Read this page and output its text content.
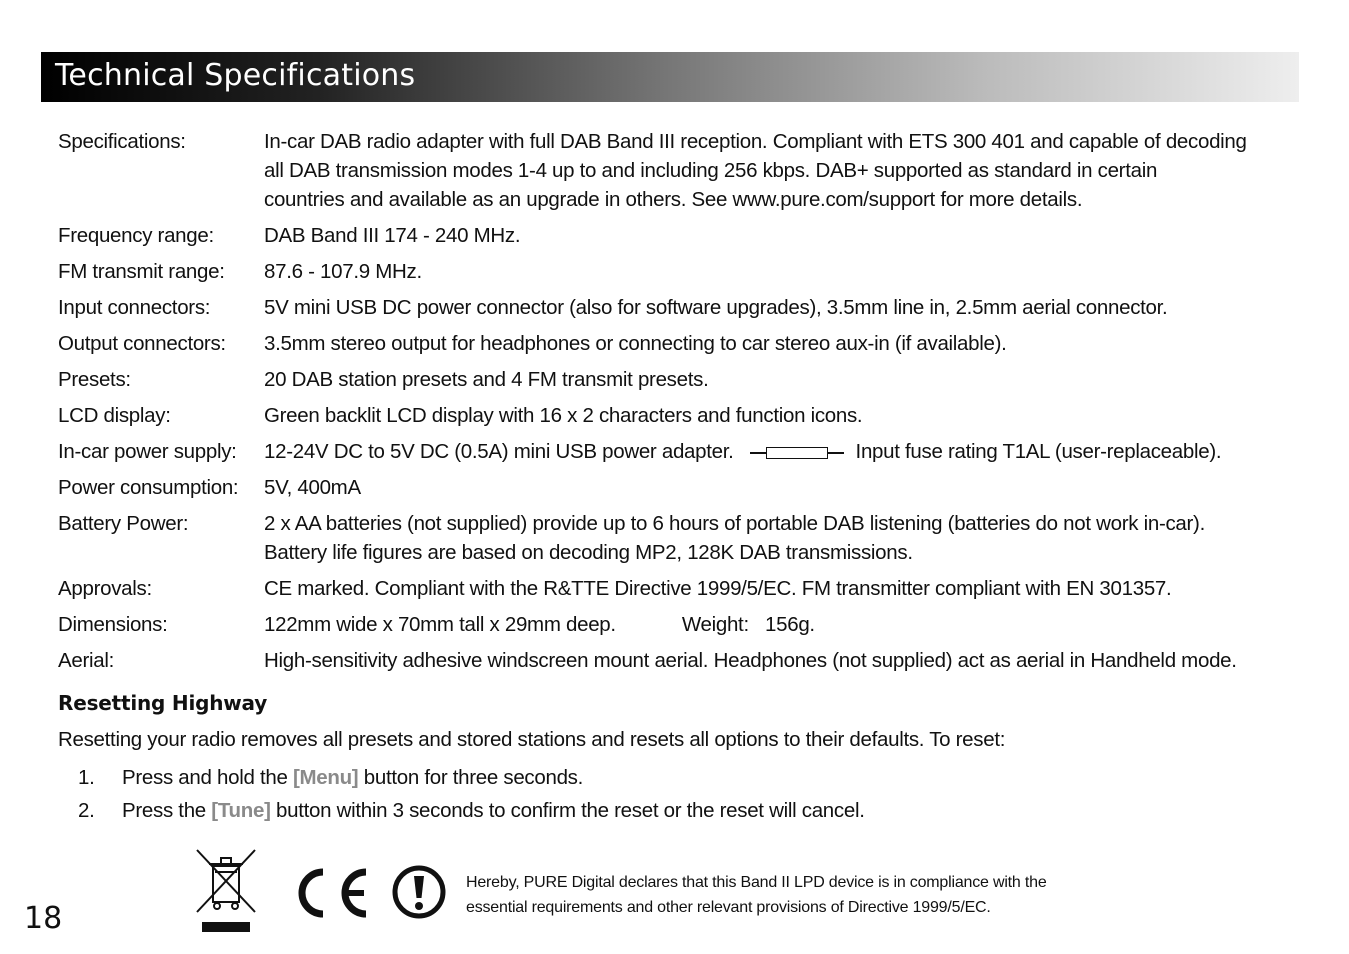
Technical Specifications
Specifications:	In-car DAB radio adapter with full DAB Band III reception. Compliant with ETS 300 401 and capable of decoding
all DAB transmission modes 1-4 up to and including 256 kbps. DAB+ supported as standard in certain
countries and available as an upgrade in others. See www.pure.com/support for more details.
Frequency range:	DAB Band III 174 - 240 MHz.
FM transmit range:	87.6 - 107.9 MHz.
Input connectors:	5V mini USB DC power connector (also for software upgrades), 3.5mm line in, 2.5mm aerial connector.
Output connectors:	3.5mm stereo output for headphones or connecting to car stereo aux-in (if available).
Presets:	20 DAB station presets and 4 FM transmit presets.
LCD display:	Green backlit LCD display with 16 x 2 characters and function icons.
In-car power supply:	12-24V DC to 5V DC (0.5A) mini USB power adapter.	Input fuse rating T1AL (user-replaceable).
Power consumption:	5V, 400mA
Battery Power:	2 x AA batteries (not supplied) provide up to 6 hours of portable DAB listening (batteries do not work in-car).
Battery life figures are based on decoding MP2, 128K DAB transmissions.
Approvals:	CE marked. Compliant with the R&TTE Directive 1999/5/EC. FM transmitter compliant with EN 301357.
Dimensions:	122mm wide x 70mm tall x 29mm deep.	Weight: 156g.
Aerial:	High-sensitivity adhesive windscreen mount aerial. Headphones (not supplied) act as aerial in Handheld mode.
Resetting Highway
Resetting your radio removes all presets and stored stations and resets all options to their defaults. To reset:
1.	Press and hold the [Menu] button for three seconds.
2.	Press the [Tune] button within 3 seconds to confirm the reset or the reset will cancel.
18
Hereby, PURE Digital declares that this Band II LPD device is in compliance with the
essential requirements and other relevant provisions of Directive 1999/5/EC.
